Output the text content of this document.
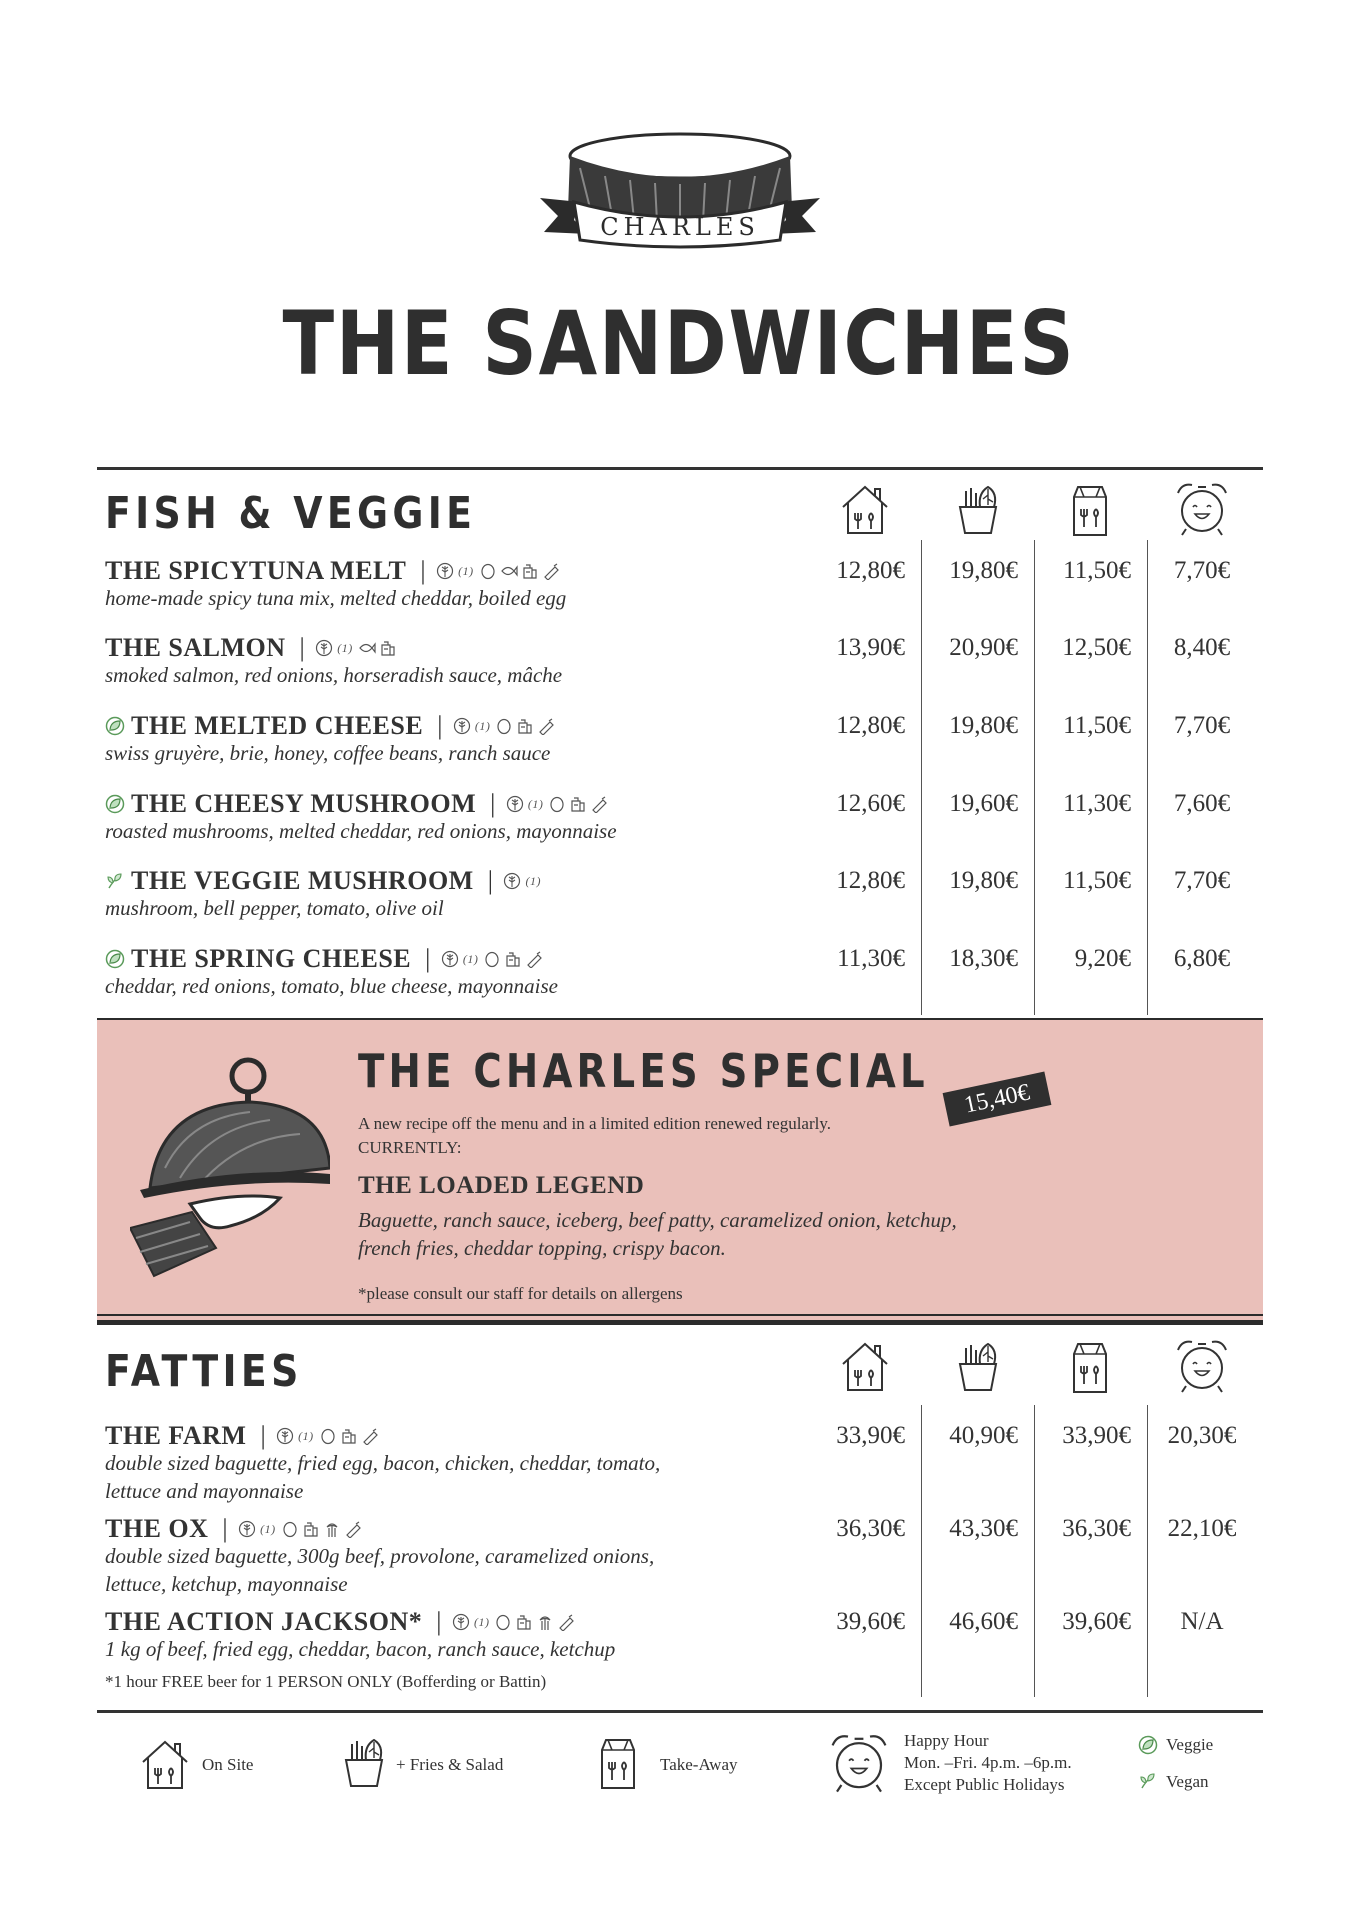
CHARLES
THE SANDWICHES
FISH & VEGGIE
THE SPICYTUNA MELT |	(1)
home-made spicy tuna mix, melted cheddar, boiled egg
12,80€	19,80€	11,50€	7,70€
THE SALMON |	(1)
smoked salmon, red onions, horseradish sauce, mâche
13,90€	20,90€	12,50€	8,40€
THE MELTED CHEESE |	(1)
swiss gruyère, brie, honey, coffee beans, ranch sauce
12,80€	19,80€	11,50€	7,70€
THE CHEESY MUSHROOM |	(1)
roasted mushrooms, melted cheddar, red onions, mayonnaise
12,60€	19,60€	11,30€	7,60€
THE VEGGIE MUSHROOM |	(1)
mushroom, bell pepper, tomato, olive oil
12,80€	19,80€	11,50€	7,70€
THE SPRING CHEESE |	(1)
cheddar, red onions, tomato, blue cheese, mayonnaise
11,30€	18,30€	9,20€	6,80€
THE CHARLES SPECIAL
15,40€
A new recipe off the menu and in a limited edition renewed regularly.
CURRENTLY:
THE LOADED LEGEND
Baguette, ranch sauce, iceberg, beef patty, caramelized onion, ketchup, french fries, cheddar topping, crispy bacon.
*please consult our staff for details on allergens
FATTIES
THE FARM |	(1)
double sized baguette, fried egg, bacon, chicken, cheddar, tomato,
lettuce and mayonnaise
33,90€	40,90€	33,90€	20,30€
THE OX |	(1)
double sized baguette, 300g beef, provolone, caramelized onions,
lettuce, ketchup, mayonnaise
36,30€	43,30€	36,30€	22,10€
THE ACTION JACKSON* |	(1)
1 kg of beef, fried egg, cheddar, bacon, ranch sauce, ketchup
39,60€	46,60€	39,60€	N/A
*1 hour FREE beer for 1 PERSON ONLY (Bofferding or Battin)
On Site	+ Fries & Salad	Take-Away
Happy Hour
Mon. –Fri. 4p.m. –6p.m.
Except Public Holidays
Veggie
Vegan
